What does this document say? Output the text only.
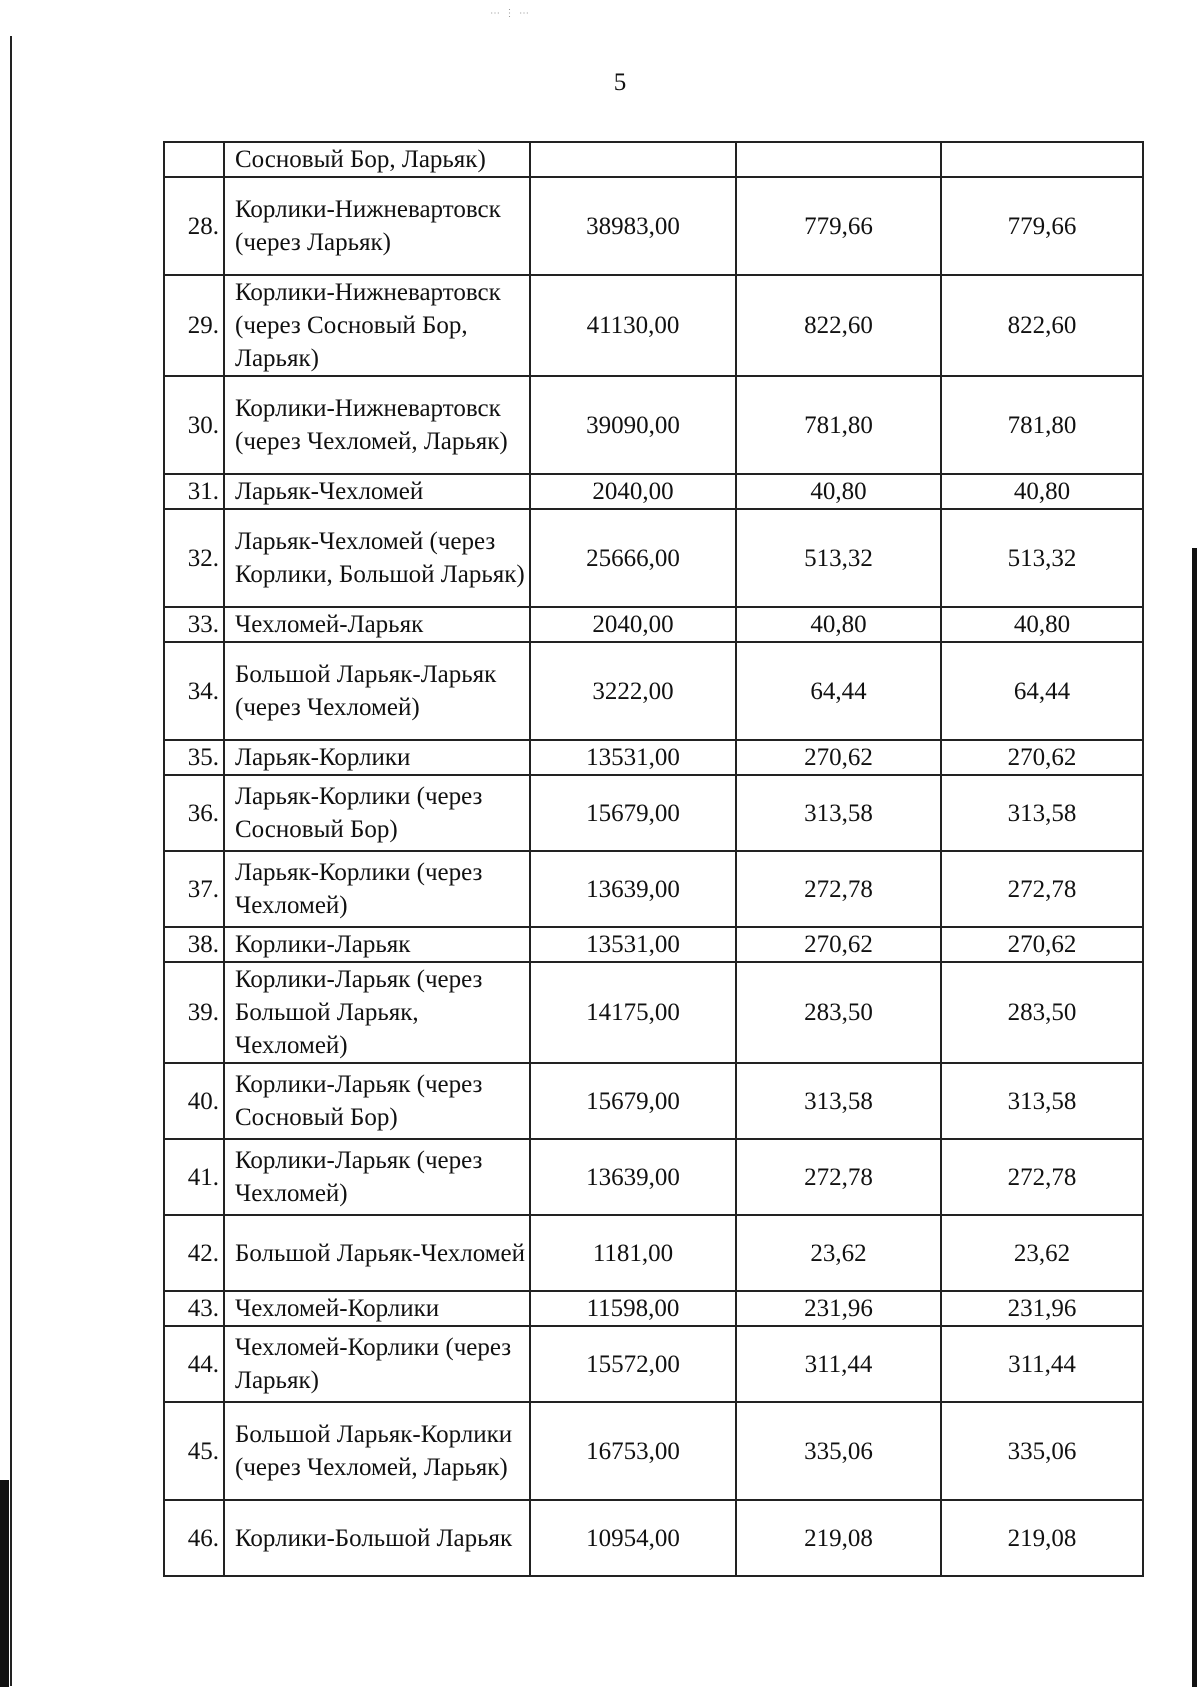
⋯ ⋮ ⋯
5
	Сосновый Бор, Ларьяк)			
28.	Корлики-Нижневартовск (через Ларьяк)	38983,00	779,66	779,66
29.	Корлики-Нижневартовск (через Сосновый Бор, Ларьяк)	41130,00	822,60	822,60
30.	Корлики-Нижневартовск (через Чехломей, Ларьяк)	39090,00	781,80	781,80
31.	Ларьяк-Чехломей	2040,00	40,80	40,80
32.	Ларьяк-Чехломей (через Корлики, Большой Ларьяк)	25666,00	513,32	513,32
33.	Чехломей-Ларьяк	2040,00	40,80	40,80
34.	Большой Ларьяк-Ларьяк (через Чехломей)	3222,00	64,44	64,44
35.	Ларьяк-Корлики	13531,00	270,62	270,62
36.	Ларьяк-Корлики (через Сосновый Бор)	15679,00	313,58	313,58
37.	Ларьяк-Корлики (через Чехломей)	13639,00	272,78	272,78
38.	Корлики-Ларьяк	13531,00	270,62	270,62
39.	Корлики-Ларьяк (через Большой Ларьяк, Чехломей)	14175,00	283,50	283,50
40.	Корлики-Ларьяк (через Сосновый Бор)	15679,00	313,58	313,58
41.	Корлики-Ларьяк (через Чехломей)	13639,00	272,78	272,78
42.	Большой Ларьяк-Чехломей	1181,00	23,62	23,62
43.	Чехломей-Корлики	11598,00	231,96	231,96
44.	Чехломей-Корлики (через Ларьяк)	15572,00	311,44	311,44
45.	Большой Ларьяк-Корлики (через Чехломей, Ларьяк)	16753,00	335,06	335,06
46.	Корлики-Большой Ларьяк	10954,00	219,08	219,08
